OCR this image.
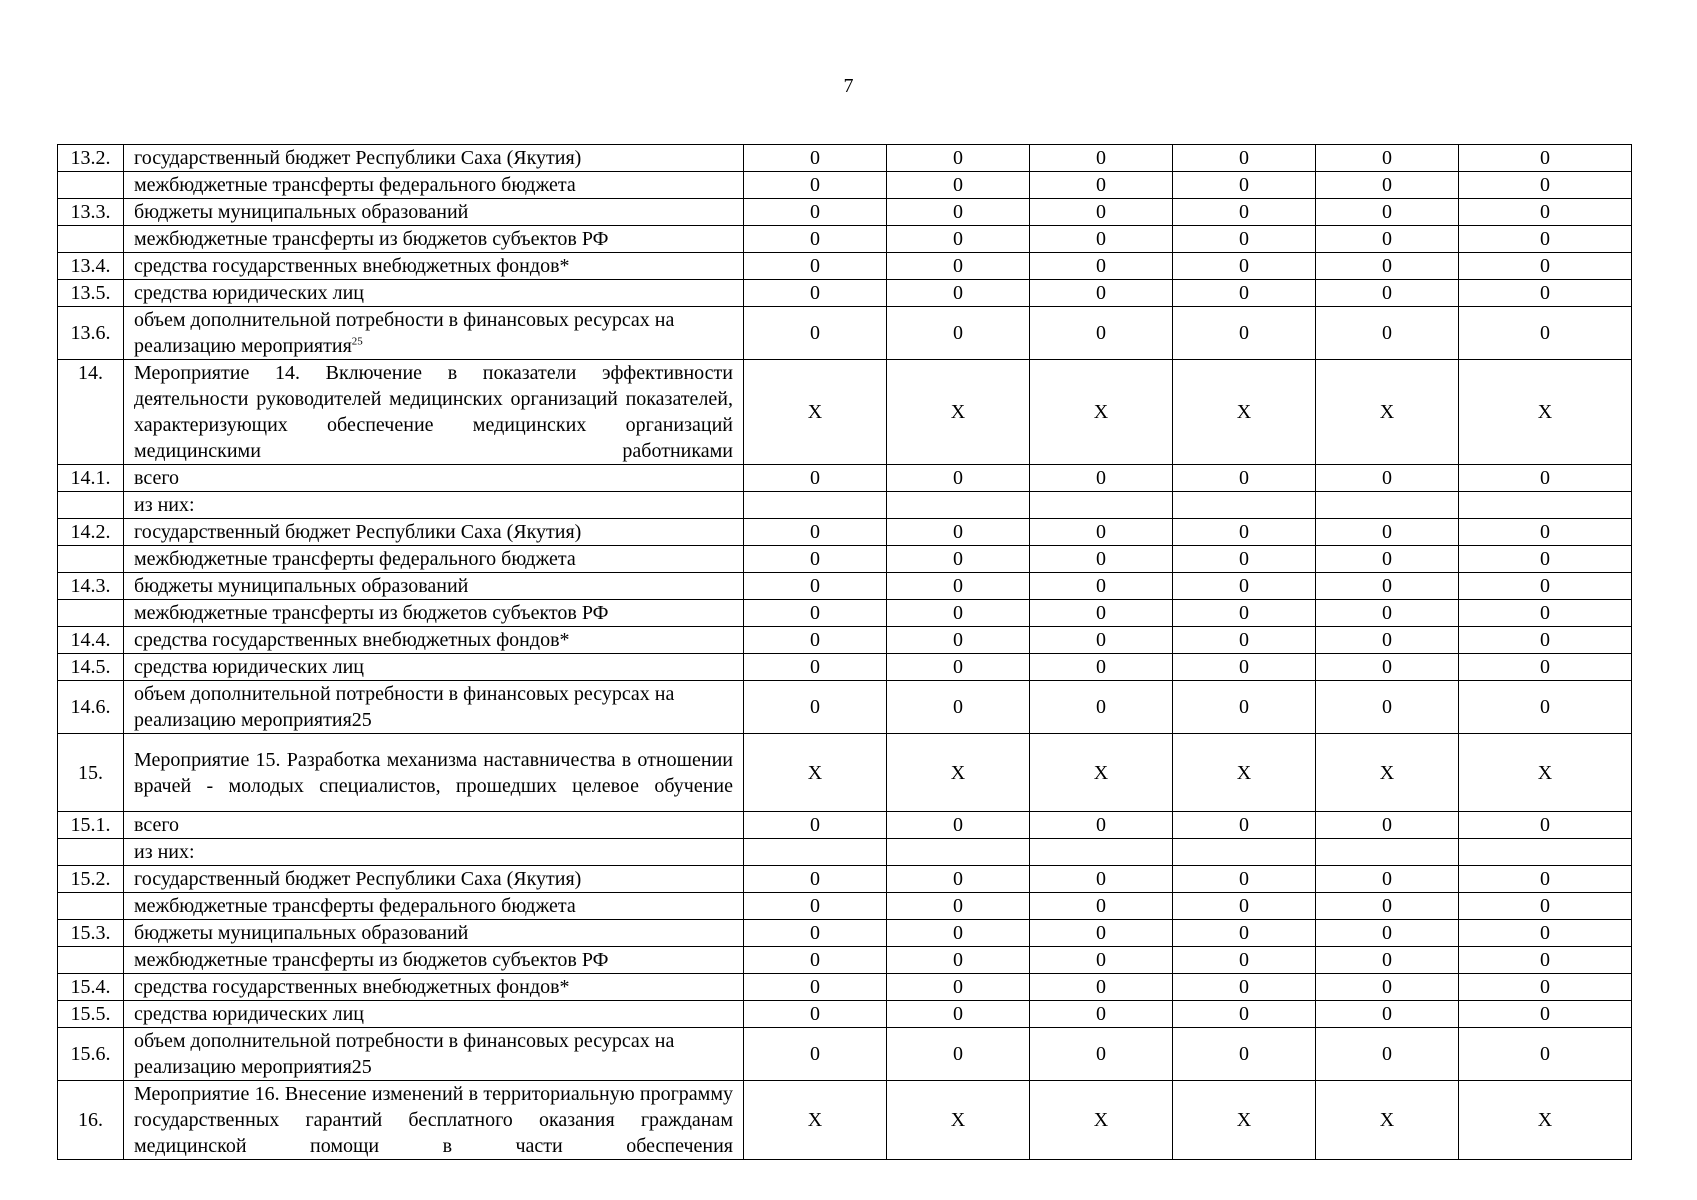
7
13.2.	государственный бюджет Республики Саха (Якутия)	0	0	0	0	0	0
	межбюджетные трансферты федерального бюджета	0	0	0	0	0	0
13.3.	бюджеты муниципальных образований	0	0	0	0	0	0
	межбюджетные трансферты из бюджетов субъектов РФ	0	0	0	0	0	0
13.4.	средства государственных внебюджетных фондов*	0	0	0	0	0	0
13.5.	средства юридических лиц	0	0	0	0	0	0
13.6.	объем дополнительной потребности в финансовых ресурсах на реализацию мероприятия$^{25}$	0	0	0	0	0	0
14.	Мероприятие 14. Включение в показатели эффективности деятельности руководителей медицинских организаций показателей, характеризующих обеспечение медицинских организаций медицинскими работниками	X	X	X	X	X	X
14.1.	всего	0	0	0	0	0	0
	из них:						
14.2.	государственный бюджет Республики Саха (Якутия)	0	0	0	0	0	0
	межбюджетные трансферты федерального бюджета	0	0	0	0	0	0
14.3.	бюджеты муниципальных образований	0	0	0	0	0	0
	межбюджетные трансферты из бюджетов субъектов РФ	0	0	0	0	0	0
14.4.	средства государственных внебюджетных фондов*	0	0	0	0	0	0
14.5.	средства юридических лиц	0	0	0	0	0	0
14.6.	объем дополнительной потребности в финансовых ресурсах на реализацию мероприятия25	0	0	0	0	0	0
15.	Мероприятие 15. Разработка механизма наставничества в отношении врачей - молодых специалистов, прошедших целевое обучение	X	X	X	X	X	X
15.1.	всего	0	0	0	0	0	0
	из них:						
15.2.	государственный бюджет Республики Саха (Якутия)	0	0	0	0	0	0
	межбюджетные трансферты федерального бюджета	0	0	0	0	0	0
15.3.	бюджеты муниципальных образований	0	0	0	0	0	0
	межбюджетные трансферты из бюджетов субъектов РФ	0	0	0	0	0	0
15.4.	средства государственных внебюджетных фондов*	0	0	0	0	0	0
15.5.	средства юридических лиц	0	0	0	0	0	0
15.6.	объем дополнительной потребности в финансовых ресурсах на реализацию мероприятия25	0	0	0	0	0	0
16.	Мероприятие 16. Внесение изменений в территориальную программу государственных гарантий бесплатного оказания гражданам медицинской помощи в части обеспечения	X	X	X	X	X	X
